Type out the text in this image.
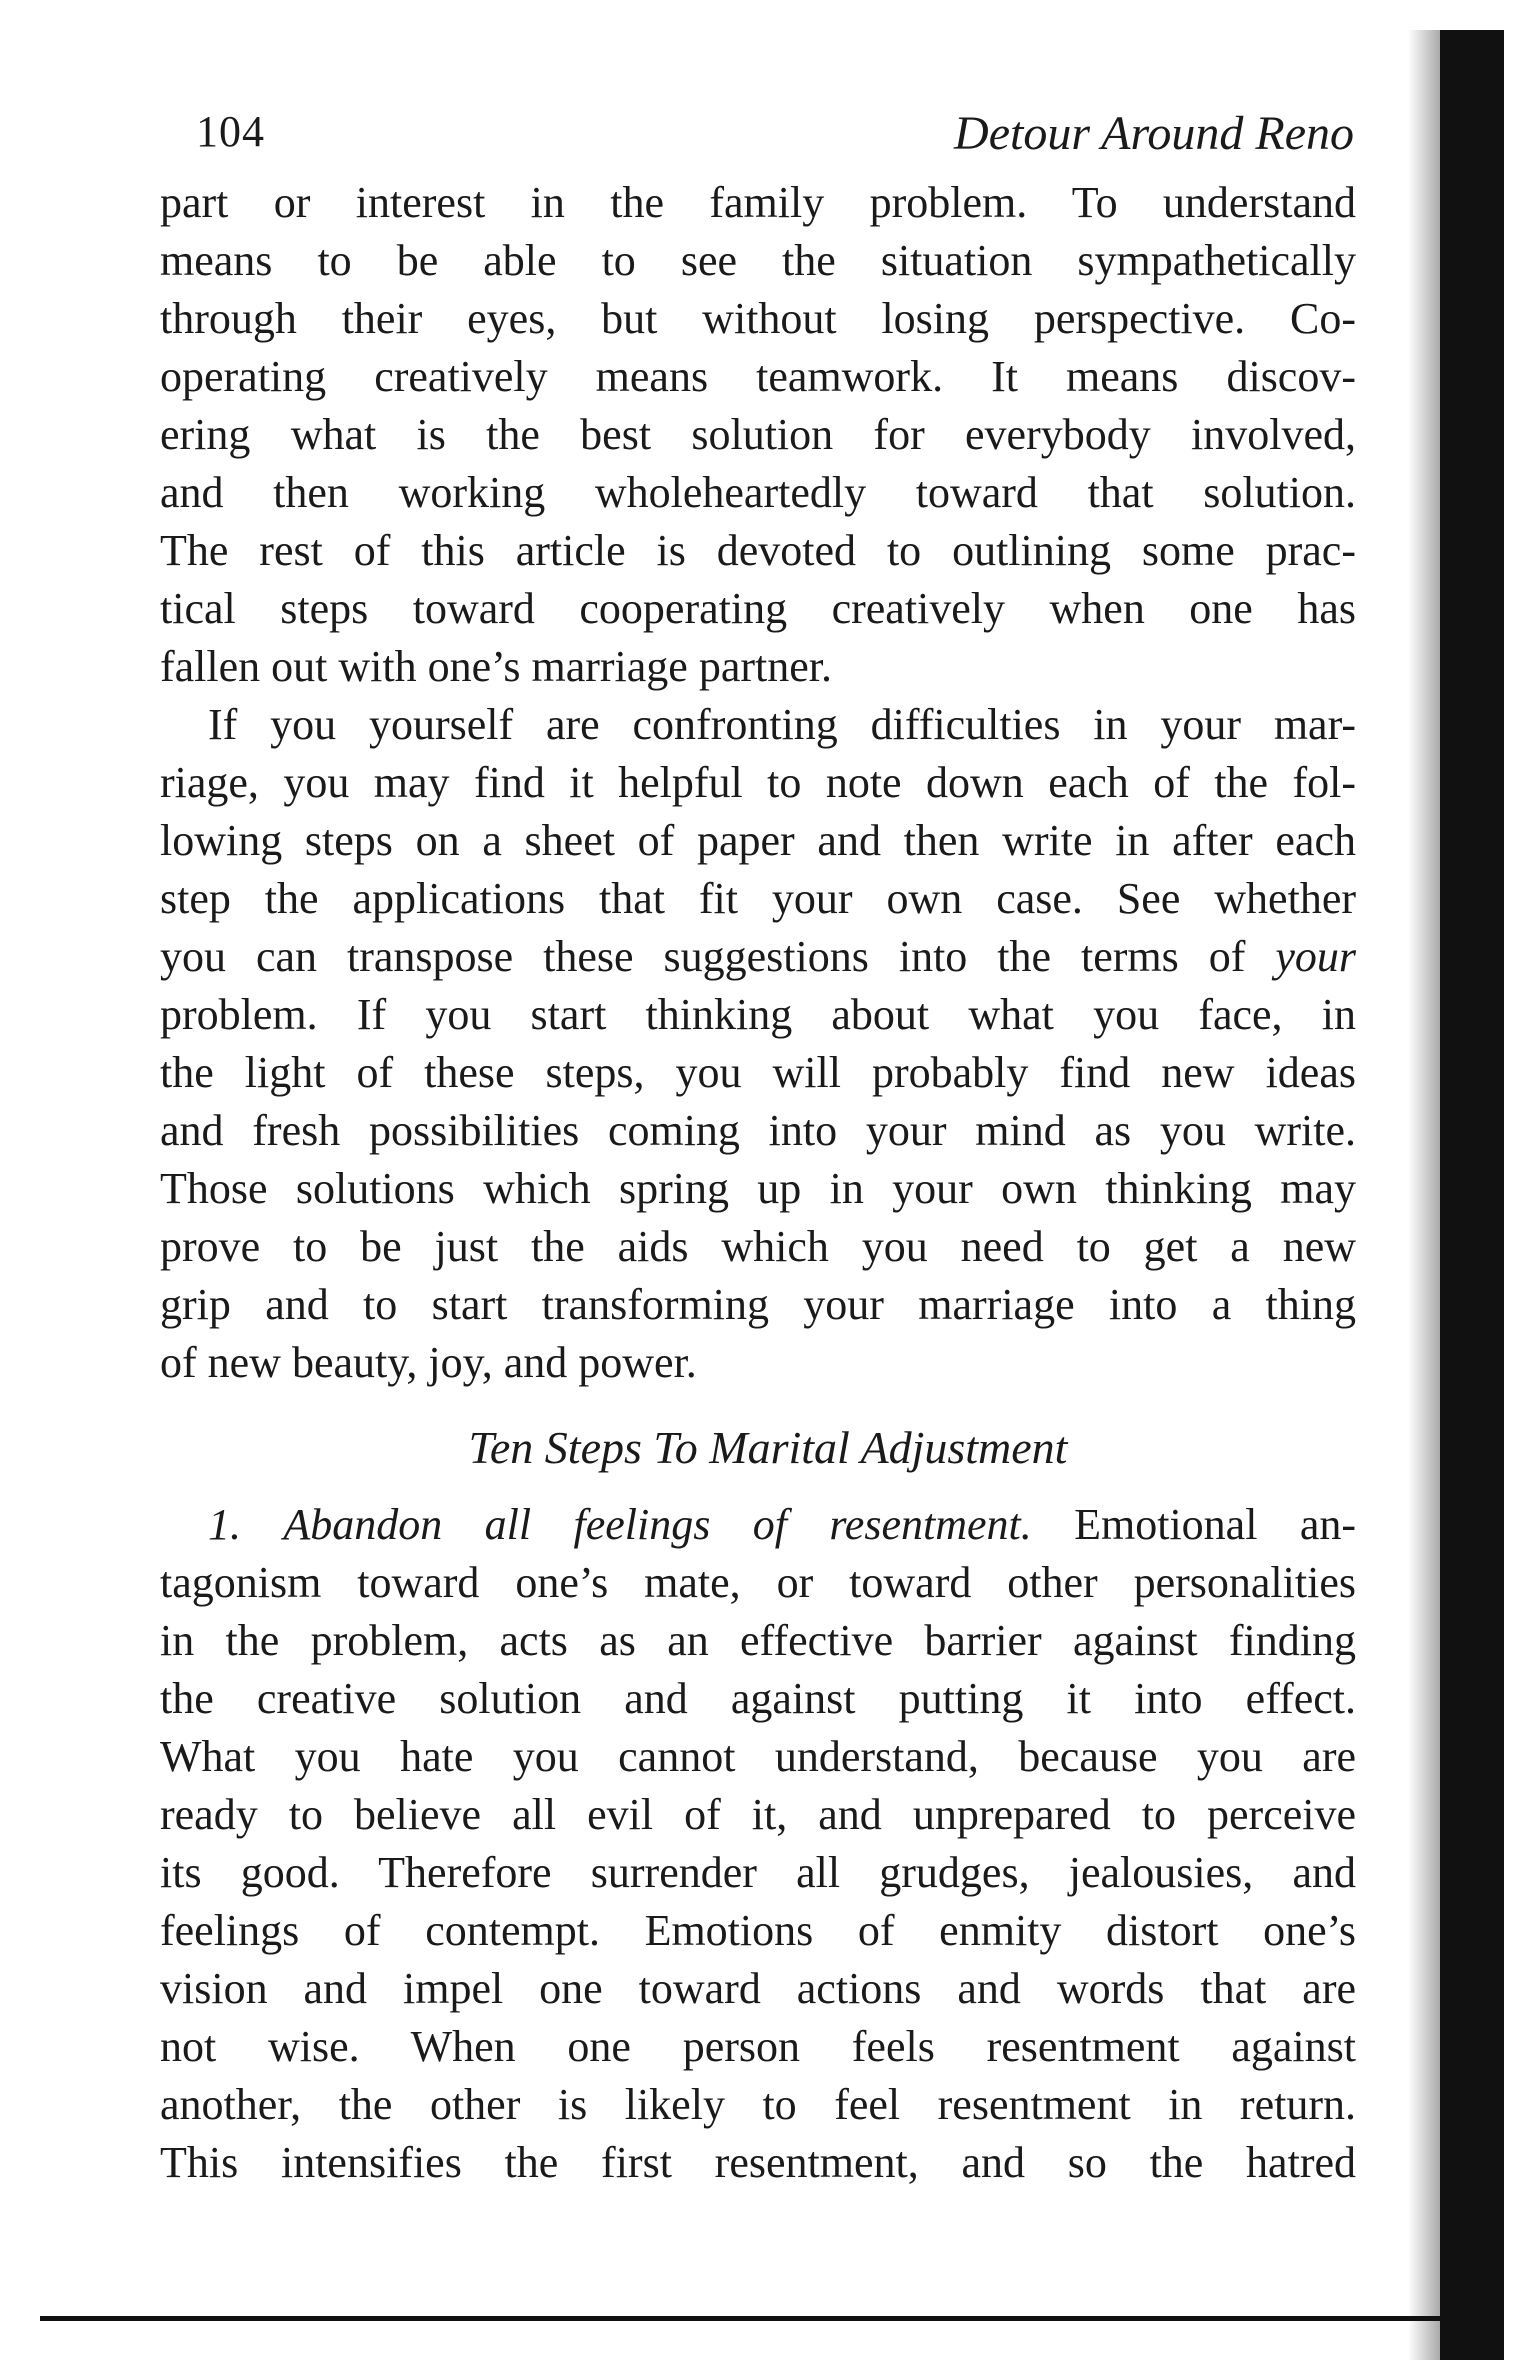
104	Detour Around Reno
part or interest in the family problem. To understand
means to be able to see the situation sympathetically
through their eyes, but without losing perspective. Co-
operating creatively means teamwork. It means discov-
ering what is the best solution for everybody involved,
and then working wholeheartedly toward that solution.
The rest of this article is devoted to outlining some prac-
tical steps toward cooperating creatively when one has
fallen out with one’s marriage partner.
If you yourself are confronting difficulties in your mar-
riage, you may find it helpful to note down each of the fol-
lowing steps on a sheet of paper and then write in after each
step the applications that fit your own case. See whether
you can transpose these suggestions into the terms of your
problem. If you start thinking about what you face, in
the light of these steps, you will probably find new ideas
and fresh possibilities coming into your mind as you write.
Those solutions which spring up in your own thinking may
prove to be just the aids which you need to get a new
grip and to start transforming your marriage into a thing
of new beauty, joy, and power.
Ten Steps To Marital Adjustment
1. Abandon all feelings of resentment. Emotional an-
tagonism toward one’s mate, or toward other personalities
in the problem, acts as an effective barrier against finding
the creative solution and against putting it into effect.
What you hate you cannot understand, because you are
ready to believe all evil of it, and unprepared to perceive
its good. Therefore surrender all grudges, jealousies, and
feelings of contempt. Emotions of enmity distort one’s
vision and impel one toward actions and words that are
not wise. When one person feels resentment against
another, the other is likely to feel resentment in return.
This intensifies the first resentment, and so the hatred
